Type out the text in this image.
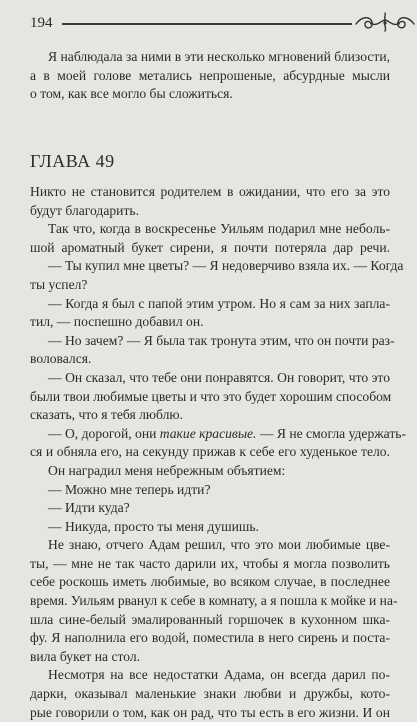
194

Я наблюдала за ними в эти несколько мгновений близости,

а в моей голове метались непрошеные, абсурдные мысли

о том, как все могло бы сложиться.

ГЛАВА 49

Никто не становится родителем в ожидании, что его за это

будут благодарить.

Так что, когда в воскресенье Уильям подарил мне неболь-

шой ароматный букет сирени, я почти потеряла дар речи.

— Ты купил мне цветы? — Я недоверчиво взяла их. — Когда

ты успел?

— Когда я был с папой этим утром. Но я сам за них запла-

тил, — поспешно добавил он.

— Но зачем? — Я была так тронута этим, что он почти раз-

воловался.

— Он сказал, что тебе они понравятся. Он говорит, что это

были твои любимые цветы и что это будет хорошим способом

сказать, что я тебя люблю.

— О, дорогой, они такие красивые. — Я не смогла удержать-

ся и обняла его, на секунду прижав к себе его худенькое тело.

Он наградил меня небрежным объятием:

— Можно мне теперь идти?

— Идти куда?

— Никуда, просто ты меня душишь.

Не знаю, отчего Адам решил, что это мои любимые цве-

ты, — мне не так часто дарили их, чтобы я могла позволить

себе роскошь иметь любимые, во всяком случае, в последнее

время. Уильям рванул к себе в комнату, а я пошла к мойке и на-

шла сине-белый эмалированный горшочек в кухонном шка-

фу. Я наполнила его водой, поместила в него сирень и поста-

вила букет на стол.

Несмотря на все недостатки Адама, он всегда дарил по-

дарки, оказывал маленькие знаки любви и дружбы, кото-

рые говорили о том, как он рад, что ты есть в его жизни. И он
